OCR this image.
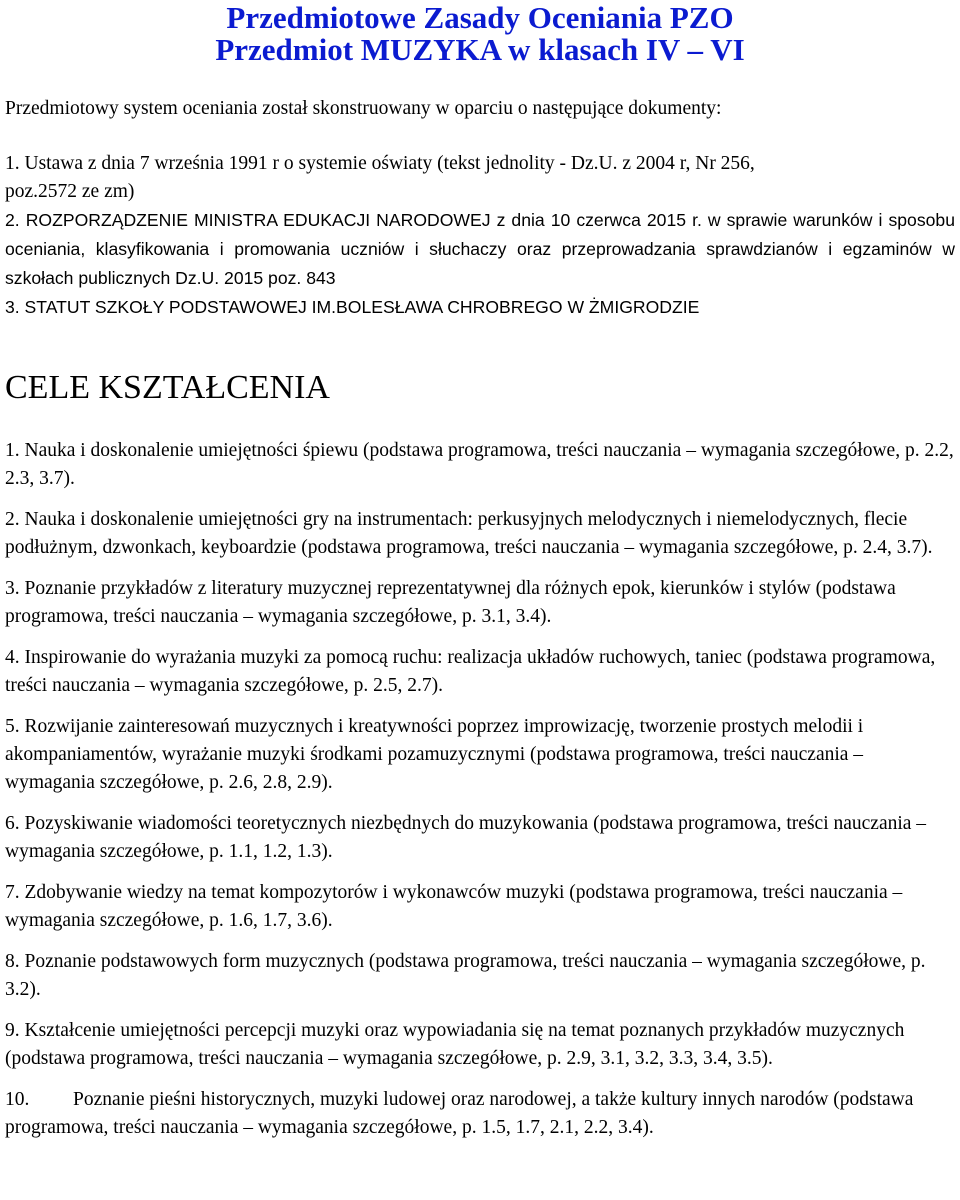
Przedmiotowe Zasady Oceniania PZO
Przedmiot MUZYKA w klasach IV – VI

Przedmiotowy system oceniania został skonstruowany w oparciu o następujące dokumenty:

1. Ustawa z dnia 7 września 1991 r o systemie oświaty (tekst jednolity - Dz.U. z 2004 r, Nr 256,
poz.2572 ze zm)
2. ROZPORZĄDZENIE MINISTRA EDUKACJI NARODOWEJ z dnia 10 czerwca 2015 r. w sprawie warunków i sposobu oceniania, klasyfikowania i promowania uczniów i słuchaczy oraz przeprowadzania sprawdzianów i egzaminów w szkołach publicznych Dz.U. 2015 poz. 843
3. STATUT SZKOŁY PODSTAWOWEJ IM.BOLESŁAWA CHROBREGO W ŻMIGRODZIE
CELE KSZTAŁCENIA

1. Nauka i doskonalenie umiejętności śpiewu (podstawa programowa, treści nauczania – wymagania szczegółowe, p. 2.2, 2.3, 3.7).

2. Nauka i doskonalenie umiejętności gry na instrumentach: perkusyjnych melodycznych i niemelodycznych, flecie podłużnym, dzwonkach, keyboardzie (podstawa programowa, treści nauczania – wymagania szczegółowe, p. 2.4, 3.7).

3. Poznanie przykładów z literatury muzycznej reprezentatywnej dla różnych epok, kierunków i stylów (podstawa programowa, treści nauczania – wymagania szczegółowe, p. 3.1, 3.4).

4. Inspirowanie do wyrażania muzyki za pomocą ruchu: realizacja układów ruchowych, taniec (podstawa programowa, treści nauczania – wymagania szczegółowe, p. 2.5, 2.7).

5. Rozwijanie zainteresowań muzycznych i kreatywności poprzez improwizację, tworzenie prostych melodii i akompaniamentów, wyrażanie muzyki środkami pozamuzycznymi (podstawa programowa, treści nauczania – wymagania szczegółowe, p. 2.6, 2.8, 2.9).

6. Pozyskiwanie wiadomości teoretycznych niezbędnych do muzykowania (podstawa programowa, treści nauczania – wymagania szczegółowe, p. 1.1, 1.2, 1.3).

7. Zdobywanie wiedzy na temat kompozytorów i wykonawców muzyki (podstawa programowa, treści nauczania – wymagania szczegółowe, p. 1.6, 1.7, 3.6).

8. Poznanie podstawowych form muzycznych (podstawa programowa, treści nauczania – wymagania szczegółowe, p. 3.2).

9. Kształcenie umiejętności percepcji muzyki oraz wypowiadania się na temat poznanych przykładów muzycznych (podstawa programowa, treści nauczania – wymagania szczegółowe, p. 2.9, 3.1, 3.2, 3.3, 3.4, 3.5).

10. Poznanie pieśni historycznych, muzyki ludowej oraz narodowej, a także kultury innych narodów (podstawa programowa, treści nauczania – wymagania szczegółowe, p. 1.5, 1.7, 2.1, 2.2, 3.4).
